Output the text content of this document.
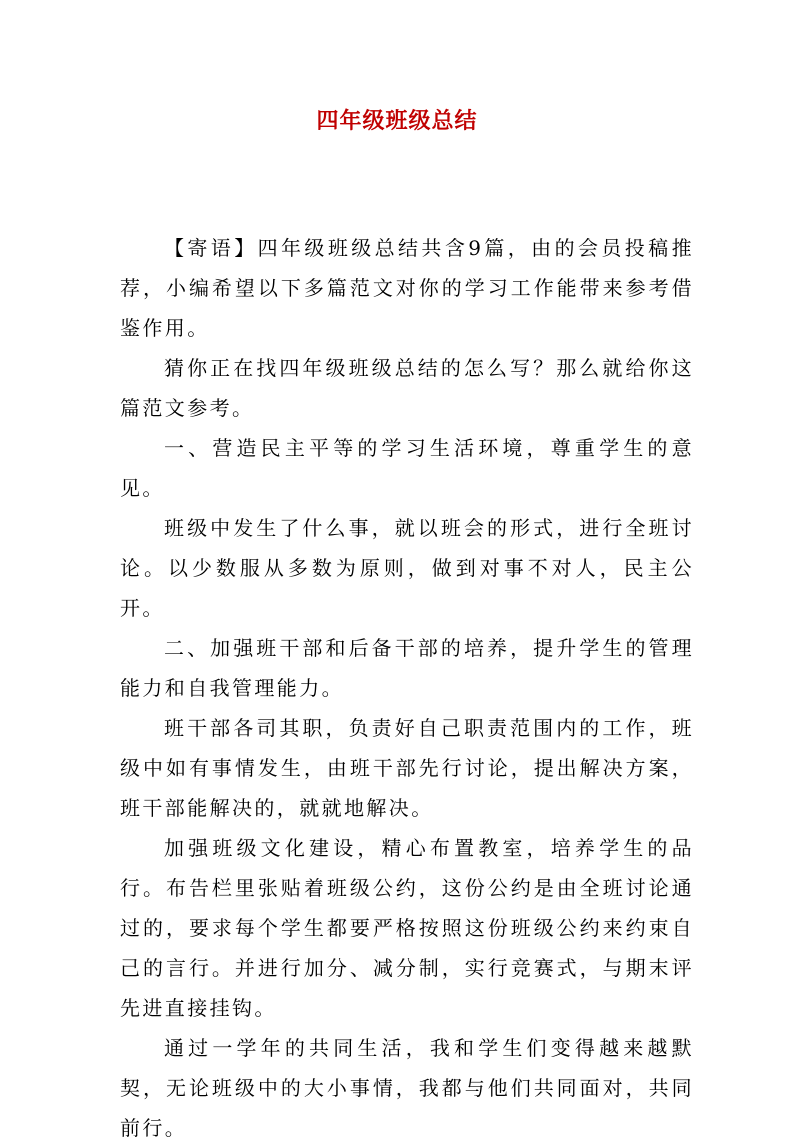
四年级班级总结

【寄语】四年级班级总结共含9篇，由的会员投稿推荐，小编希望以下多篇范文对你的学习工作能带来参考借鉴作用。

猜你正在找四年级班级总结的怎么写？那么就给你这篇范文参考。

一、营造民主平等的学习生活环境，尊重学生的意见。

班级中发生了什么事，就以班会的形式，进行全班讨论。以少数服从多数为原则，做到对事不对人，民主公开。

二、加强班干部和后备干部的培养，提升学生的管理能力和自我管理能力。

班干部各司其职，负责好自己职责范围内的工作，班级中如有事情发生，由班干部先行讨论，提出解决方案，班干部能解决的，就就地解决。

加强班级文化建设，精心布置教室，培养学生的品行。布告栏里张贴着班级公约，这份公约是由全班讨论通过的，要求每个学生都要严格按照这份班级公约来约束自己的言行。并进行加分、减分制，实行竞赛式，与期末评先进直接挂钩。

通过一学年的共同生活，我和学生们变得越来越默契，无论班级中的大小事情，我都与他们共同面对，共同前行。
